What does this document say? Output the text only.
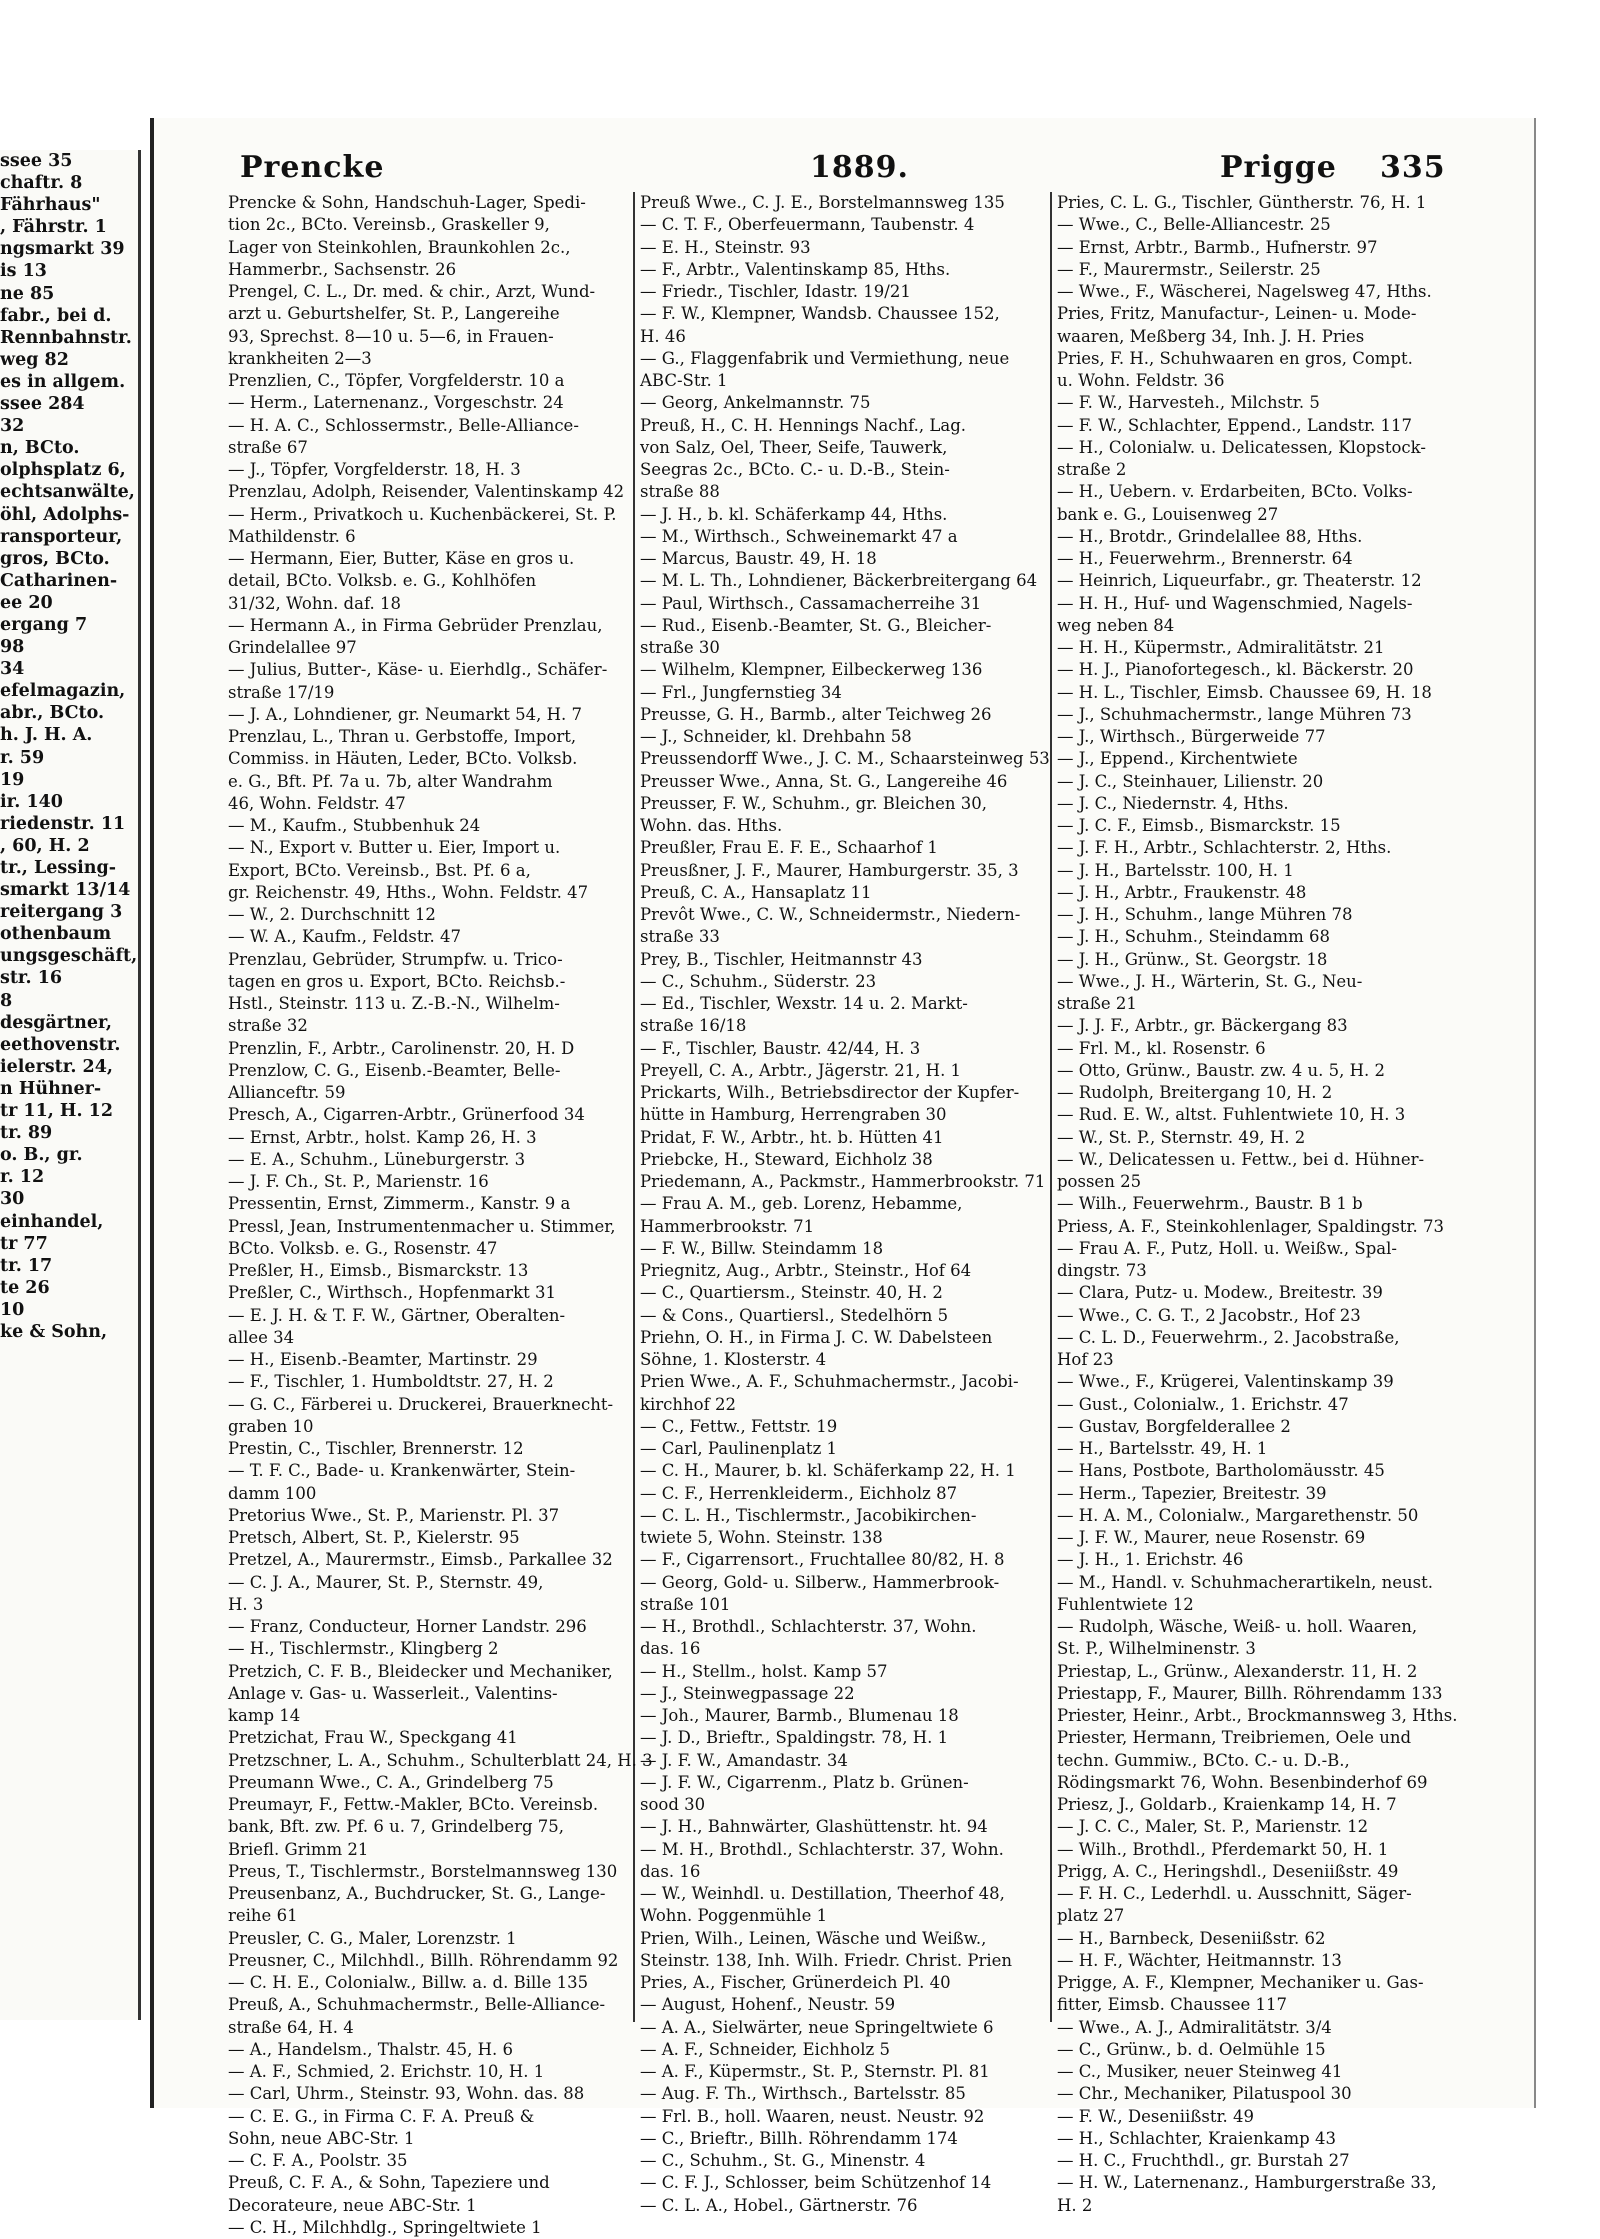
ssee 35
chaftr. 8
Fährhaus"
, Fährstr. 1
ngsmarkt 39
is 13
ne 85
fabr., bei d.
Rennbahnstr.
weg 82
es in allgem.
ssee 284
32
n, BCto.
olphsplatz 6,
echtsanwälte,
öhl, Adolphs-
ransporteur,
gros, BCto.
Catharinen-
ee 20
ergang 7
98
34
efelmagazin,
abr., BCto.
h. J. H. A.
r. 59
19
ir. 140
riedenstr. 11
, 60, H. 2
tr., Lessing-
smarkt 13/14
reitergang 3
othenbaum
ungsgeschäft,
str. 16
8
desgärtner,
eethovenstr.
ielerstr. 24,
n Hühner-
tr 11, H. 12
tr. 89
o. B., gr.
r. 12
30
einhandel,
tr 77
tr. 17
te 26
10
ke & Sohn,
Prencke	1889.	Prigge 335
Prencke & Sohn, Handschuh-Lager, Spedi-
tion 2c., BCto. Vereinsb., Graskeller 9,
Lager von Steinkohlen, Braunkohlen 2c.,
Hammerbr., Sachsenstr. 26
Prengel, C. L., Dr. med. & chir., Arzt, Wund-
arzt u. Geburtshelfer, St. P., Langereihe
93, Sprechst. 8—10 u. 5—6, in Frauen-
krankheiten 2—3
Prenzlien, C., Töpfer, Vorgfelderstr. 10 a
— Herm., Laternenanz., Vorgeschstr. 24
— H. A. C., Schlossermstr., Belle-Alliance-
straße 67
— J., Töpfer, Vorgfelderstr. 18, H. 3
Prenzlau, Adolph, Reisender, Valentinskamp 42
— Herm., Privatkoch u. Kuchenbäckerei, St. P.
Mathildenstr. 6
— Hermann, Eier, Butter, Käse en gros u.
detail, BCto. Volksb. e. G., Kohlhöfen
31/32, Wohn. daf. 18
— Hermann A., in Firma Gebrüder Prenzlau,
Grindelallee 97
— Julius, Butter-, Käse- u. Eierhdlg., Schäfer-
straße 17/19
— J. A., Lohndiener, gr. Neumarkt 54, H. 7
Prenzlau, L., Thran u. Gerbstoffe, Import,
Commiss. in Häuten, Leder, BCto. Volksb.
e. G., Bft. Pf. 7a u. 7b, alter Wandrahm
46, Wohn. Feldstr. 47
— M., Kaufm., Stubbenhuk 24
— N., Export v. Butter u. Eier, Import u.
Export, BCto. Vereinsb., Bst. Pf. 6 a,
gr. Reichenstr. 49, Hths., Wohn. Feldstr. 47
— W., 2. Durchschnitt 12
— W. A., Kaufm., Feldstr. 47
Prenzlau, Gebrüder, Strumpfw. u. Trico-
tagen en gros u. Export, BCto. Reichsb.-
Hstl., Steinstr. 113 u. Z.-B.-N., Wilhelm-
straße 32
Prenzlin, F., Arbtr., Carolinenstr. 20, H. D
Prenzlow, C. G., Eisenb.-Beamter, Belle-
Allianceftr. 59
Presch, A., Cigarren-Arbtr., Grünerfood 34
— Ernst, Arbtr., holst. Kamp 26, H. 3
— E. A., Schuhm., Lüneburgerstr. 3
— J. F. Ch., St. P., Marienstr. 16
Pressentin, Ernst, Zimmerm., Kanstr. 9 a
Pressl, Jean, Instrumentenmacher u. Stimmer,
BCto. Volksb. e. G., Rosenstr. 47
Preßler, H., Eimsb., Bismarckstr. 13
Preßler, C., Wirthsch., Hopfenmarkt 31
— E. J. H. & T. F. W., Gärtner, Oberalten-
allee 34
— H., Eisenb.-Beamter, Martinstr. 29
— F., Tischler, 1. Humboldtstr. 27, H. 2
— G. C., Färberei u. Druckerei, Brauerknecht-
graben 10
Prestin, C., Tischler, Brennerstr. 12
— T. F. C., Bade- u. Krankenwärter, Stein-
damm 100
Pretorius Wwe., St. P., Marienstr. Pl. 37
Pretsch, Albert, St. P., Kielerstr. 95
Pretzel, A., Maurermstr., Eimsb., Parkallee 32
— C. J. A., Maurer, St. P., Sternstr. 49,
H. 3
— Franz, Conducteur, Horner Landstr. 296
— H., Tischlermstr., Klingberg 2
Pretzich, C. F. B., Bleidecker und Mechaniker,
Anlage v. Gas- u. Wasserleit., Valentins-
kamp 14
Pretzichat, Frau W., Speckgang 41
Pretzschner, L. A., Schuhm., Schulterblatt 24, H. 3
Preumann Wwe., C. A., Grindelberg 75
Preumayr, F., Fettw.-Makler, BCto. Vereinsb.
bank, Bft. zw. Pf. 6 u. 7, Grindelberg 75,
Briefl. Grimm 21
Preus, T., Tischlermstr., Borstelmannsweg 130
Preusenbanz, A., Buchdrucker, St. G., Lange-
reihe 61
Preusler, C. G., Maler, Lorenzstr. 1
Preusner, C., Milchhdl., Billh. Röhrendamm 92
— C. H. E., Colonialw., Billw. a. d. Bille 135
Preuß, A., Schuhmachermstr., Belle-Alliance-
straße 64, H. 4
— A., Handelsm., Thalstr. 45, H. 6
— A. F., Schmied, 2. Erichstr. 10, H. 1
— Carl, Uhrm., Steinstr. 93, Wohn. das. 88
— C. E. G., in Firma C. F. A. Preuß &
Sohn, neue ABC-Str. 1
— C. F. A., Poolstr. 35
Preuß, C. F. A., & Sohn, Tapeziere und
Decorateure, neue ABC-Str. 1
— C. H., Milchhdlg., Springeltwiete 1
Preuß Wwe., C. J. E., Borstelmannsweg 135
— C. T. F., Oberfeuermann, Taubenstr. 4
— E. H., Steinstr. 93
— F., Arbtr., Valentinskamp 85, Hths.
— Friedr., Tischler, Idastr. 19/21
— F. W., Klempner, Wandsb. Chaussee 152,
H. 46
— G., Flaggenfabrik und Vermiethung, neue
ABC-Str. 1
— Georg, Ankelmannstr. 75
Preuß, H., C. H. Hennings Nachf., Lag.
von Salz, Oel, Theer, Seife, Tauwerk,
Seegras 2c., BCto. C.- u. D.-B., Stein-
straße 88
— J. H., b. kl. Schäferkamp 44, Hths.
— M., Wirthsch., Schweinemarkt 47 a
— Marcus, Baustr. 49, H. 18
— M. L. Th., Lohndiener, Bäckerbreitergang 64
— Paul, Wirthsch., Cassamacherreihe 31
— Rud., Eisenb.-Beamter, St. G., Bleicher-
straße 30
— Wilhelm, Klempner, Eilbeckerweg 136
— Frl., Jungfernstieg 34
Preusse, G. H., Barmb., alter Teichweg 26
— J., Schneider, kl. Drehbahn 58
Preussendorff Wwe., J. C. M., Schaarsteinweg 53
Preusser Wwe., Anna, St. G., Langereihe 46
Preusser, F. W., Schuhm., gr. Bleichen 30,
Wohn. das. Hths.
Preußler, Frau E. F. E., Schaarhof 1
Preusßner, J. F., Maurer, Hamburgerstr. 35, 3
Preuß, C. A., Hansaplatz 11
Prevôt Wwe., C. W., Schneidermstr., Niedern-
straße 33
Prey, B., Tischler, Heitmannstr 43
— C., Schuhm., Süderstr. 23
— Ed., Tischler, Wexstr. 14 u. 2. Markt-
straße 16/18
— F., Tischler, Baustr. 42/44, H. 3
Preyell, C. A., Arbtr., Jägerstr. 21, H. 1
Prickarts, Wilh., Betriebsdirector der Kupfer-
hütte in Hamburg, Herrengraben 30
Pridat, F. W., Arbtr., ht. b. Hütten 41
Priebcke, H., Steward, Eichholz 38
Priedemann, A., Packmstr., Hammerbrookstr. 71
— Frau A. M., geb. Lorenz, Hebamme,
Hammerbrookstr. 71
— F. W., Billw. Steindamm 18
Priegnitz, Aug., Arbtr., Steinstr., Hof 64
— C., Quartiersm., Steinstr. 40, H. 2
— & Cons., Quartiersl., Stedelhörn 5
Priehn, O. H., in Firma J. C. W. Dabelsteen
Söhne, 1. Klosterstr. 4
Prien Wwe., A. F., Schuhmachermstr., Jacobi-
kirchhof 22
— C., Fettw., Fettstr. 19
— Carl, Paulinenplatz 1
— C. H., Maurer, b. kl. Schäferkamp 22, H. 1
— C. F., Herrenkleiderm., Eichholz 87
— C. L. H., Tischlermstr., Jacobikirchen-
twiete 5, Wohn. Steinstr. 138
— F., Cigarrensort., Fruchtallee 80/82, H. 8
— Georg, Gold- u. Silberw., Hammerbrook-
straße 101
— H., Brothdl., Schlachterstr. 37, Wohn.
das. 16
— H., Stellm., holst. Kamp 57
— J., Steinwegpassage 22
— Joh., Maurer, Barmb., Blumenau 18
— J. D., Brieftr., Spaldingstr. 78, H. 1
— J. F. W., Amandastr. 34
— J. F. W., Cigarrenm., Platz b. Grünen-
sood 30
— J. H., Bahnwärter, Glashüttenstr. ht. 94
— M. H., Brothdl., Schlachterstr. 37, Wohn.
das. 16
— W., Weinhdl. u. Destillation, Theerhof 48,
Wohn. Poggenmühle 1
Prien, Wilh., Leinen, Wäsche und Weißw.,
Steinstr. 138, Inh. Wilh. Friedr. Christ. Prien
Pries, A., Fischer, Grünerdeich Pl. 40
— August, Hohenf., Neustr. 59
— A. A., Sielwärter, neue Springeltwiete 6
— A. F., Schneider, Eichholz 5
— A. F., Küpermstr., St. P., Sternstr. Pl. 81
— Aug. F. Th., Wirthsch., Bartelsstr. 85
— Frl. B., holl. Waaren, neust. Neustr. 92
— C., Brieftr., Billh. Röhrendamm 174
— C., Schuhm., St. G., Minenstr. 4
— C. F. J., Schlosser, beim Schützenhof 14
— C. L. A., Hobel., Gärtnerstr. 76
Pries, C. L. G., Tischler, Güntherstr. 76, H. 1
— Wwe., C., Belle-Alliancestr. 25
— Ernst, Arbtr., Barmb., Hufnerstr. 97
— F., Maurermstr., Seilerstr. 25
— Wwe., F., Wäscherei, Nagelsweg 47, Hths.
Pries, Fritz, Manufactur-, Leinen- u. Mode-
waaren, Meßberg 34, Inh. J. H. Pries
Pries, F. H., Schuhwaaren en gros, Compt.
u. Wohn. Feldstr. 36
— F. W., Harvesteh., Milchstr. 5
— F. W., Schlachter, Eppend., Landstr. 117
— H., Colonialw. u. Delicatessen, Klopstock-
straße 2
— H., Uebern. v. Erdarbeiten, BCto. Volks-
bank e. G., Louisenweg 27
— H., Brotdr., Grindelallee 88, Hths.
— H., Feuerwehrm., Brennerstr. 64
— Heinrich, Liqueurfabr., gr. Theaterstr. 12
— H. H., Huf- und Wagenschmied, Nagels-
weg neben 84
— H. H., Küpermstr., Admiralitätstr. 21
— H. J., Pianofortegesch., kl. Bäckerstr. 20
— H. L., Tischler, Eimsb. Chaussee 69, H. 18
— J., Schuhmachermstr., lange Mühren 73
— J., Wirthsch., Bürgerweide 77
— J., Eppend., Kirchentwiete
— J. C., Steinhauer, Lilienstr. 20
— J. C., Niedernstr. 4, Hths.
— J. C. F., Eimsb., Bismarckstr. 15
— J. F. H., Arbtr., Schlachterstr. 2, Hths.
— J. H., Bartelsstr. 100, H. 1
— J. H., Arbtr., Fraukenstr. 48
— J. H., Schuhm., lange Mühren 78
— J. H., Schuhm., Steindamm 68
— J. H., Grünw., St. Georgstr. 18
— Wwe., J. H., Wärterin, St. G., Neu-
straße 21
— J. J. F., Arbtr., gr. Bäckergang 83
— Frl. M., kl. Rosenstr. 6
— Otto, Grünw., Baustr. zw. 4 u. 5, H. 2
— Rudolph, Breitergang 10, H. 2
— Rud. E. W., altst. Fuhlentwiete 10, H. 3
— W., St. P., Sternstr. 49, H. 2
— W., Delicatessen u. Fettw., bei d. Hühner-
possen 25
— Wilh., Feuerwehrm., Baustr. B 1 b
Priess, A. F., Steinkohlenlager, Spaldingstr. 73
— Frau A. F., Putz, Holl. u. Weißw., Spal-
dingstr. 73
— Clara, Putz- u. Modew., Breitestr. 39
— Wwe., C. G. T., 2 Jacobstr., Hof 23
— C. L. D., Feuerwehrm., 2. Jacobstraße,
Hof 23
— Wwe., F., Krügerei, Valentinskamp 39
— Gust., Colonialw., 1. Erichstr. 47
— Gustav, Borgfelderallee 2
— H., Bartelsstr. 49, H. 1
— Hans, Postbote, Bartholomäusstr. 45
— Herm., Tapezier, Breitestr. 39
— H. A. M., Colonialw., Margarethenstr. 50
— J. F. W., Maurer, neue Rosenstr. 69
— J. H., 1. Erichstr. 46
— M., Handl. v. Schuhmacherartikeln, neust.
Fuhlentwiete 12
— Rudolph, Wäsche, Weiß- u. holl. Waaren,
St. P., Wilhelminenstr. 3
Priestap, L., Grünw., Alexanderstr. 11, H. 2
Priestapp, F., Maurer, Billh. Röhrendamm 133
Priester, Heinr., Arbt., Brockmannsweg 3, Hths.
Priester, Hermann, Treibriemen, Oele und
techn. Gummiw., BCto. C.- u. D.-B.,
Rödingsmarkt 76, Wohn. Besenbinderhof 69
Priesz, J., Goldarb., Kraienkamp 14, H. 7
— J. C. C., Maler, St. P., Marienstr. 12
— Wilh., Brothdl., Pferdemarkt 50, H. 1
Prigg, A. C., Heringshdl., Deseniißstr. 49
— F. H. C., Lederhdl. u. Ausschnitt, Säger-
platz 27
— H., Barnbeck, Deseniißstr. 62
— H. F., Wächter, Heitmannstr. 13
Prigge, A. F., Klempner, Mechaniker u. Gas-
fitter, Eimsb. Chaussee 117
— Wwe., A. J., Admiralitätstr. 3/4
— C., Grünw., b. d. Oelmühle 15
— C., Musiker, neuer Steinweg 41
— Chr., Mechaniker, Pilatuspool 30
— F. W., Deseniißstr. 49
— H., Schlachter, Kraienkamp 43
— H. C., Fruchthdl., gr. Burstah 27
— H. W., Laternenanz., Hamburgerstraße 33,
H. 2
